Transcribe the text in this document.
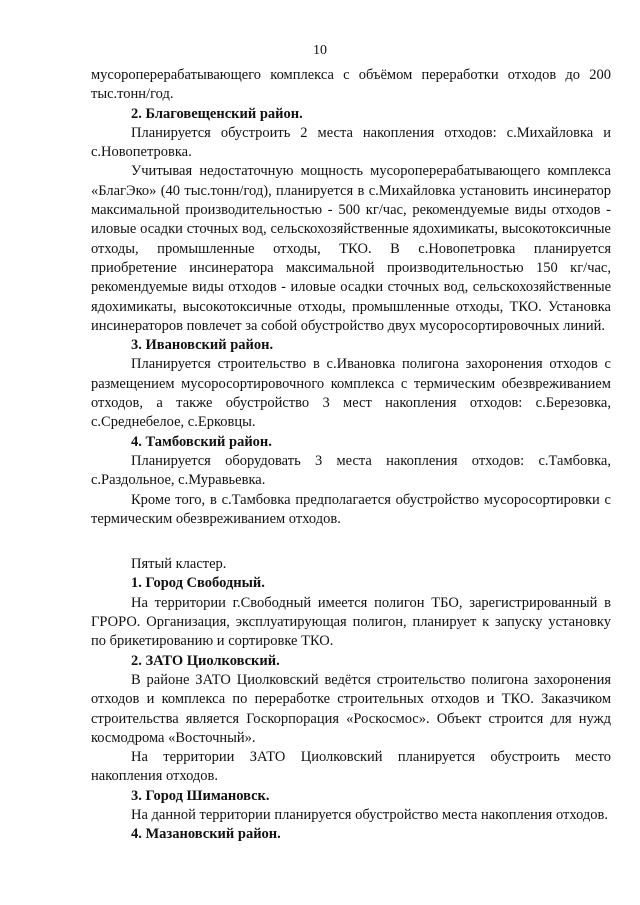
10

мусороперерабатывающего комплекса с объёмом переработки отходов до 200 тыс.тонн/год.

2. Благовещенский район.

Планируется обустроить 2 места накопления отходов: с.Михайловка и с.Новопетровка.

Учитывая недостаточную мощность мусороперерабатывающего комплекса «БлагЭко» (40 тыс.тонн/год), планируется в с.Михайловка установить инсинератор максимальной производительностью - 500 кг/час, рекомендуемые виды отходов - иловые осадки сточных вод, сельскохозяйственные ядохимикаты, высокотоксичные отходы, промышленные отходы, ТКО. В с.Новопетровка планируется приобретение инсинератора максимальной производительностью 150 кг/час, рекомендуемые виды отходов - иловые осадки сточных вод, сельскохозяйственные ядохимикаты, высокотоксичные отходы, промышленные отходы, ТКО. Установка инсинераторов повлечет за собой обустройство двух мусоросортировочных линий.

3. Ивановский район.

Планируется строительство в с.Ивановка полигона захоронения отходов с размещением мусоросортировочного комплекса с термическим обезвреживанием отходов, а также обустройство 3 мест накопления отходов: с.Березовка, с.Среднебелое, с.Ерковцы.

4. Тамбовский район.

Планируется оборудовать 3 места накопления отходов: с.Тамбовка, с.Раздольное, с.Муравьевка.

Кроме того, в с.Тамбовка предполагается обустройство мусоросортировки с термическим обезвреживанием отходов.

Пятый кластер.

1. Город Свободный.

На территории г.Свободный имеется полигон ТБО, зарегистрированный в ГРОРО. Организация, эксплуатирующая полигон, планирует к запуску установку по брикетированию и сортировке ТКО.

2. ЗАТО Циолковский.

В районе ЗАТО Циолковский ведётся строительство полигона захоронения отходов и комплекса по переработке строительных отходов и ТКО. Заказчиком строительства является Госкорпорация «Роскосмос». Объект строится для нужд космодрома «Восточный».

На территории ЗАТО Циолковский планируется обустроить место накопления отходов.

3. Город Шимановск.

На данной территории планируется обустройство места накопления отходов.

4. Мазановский район.
